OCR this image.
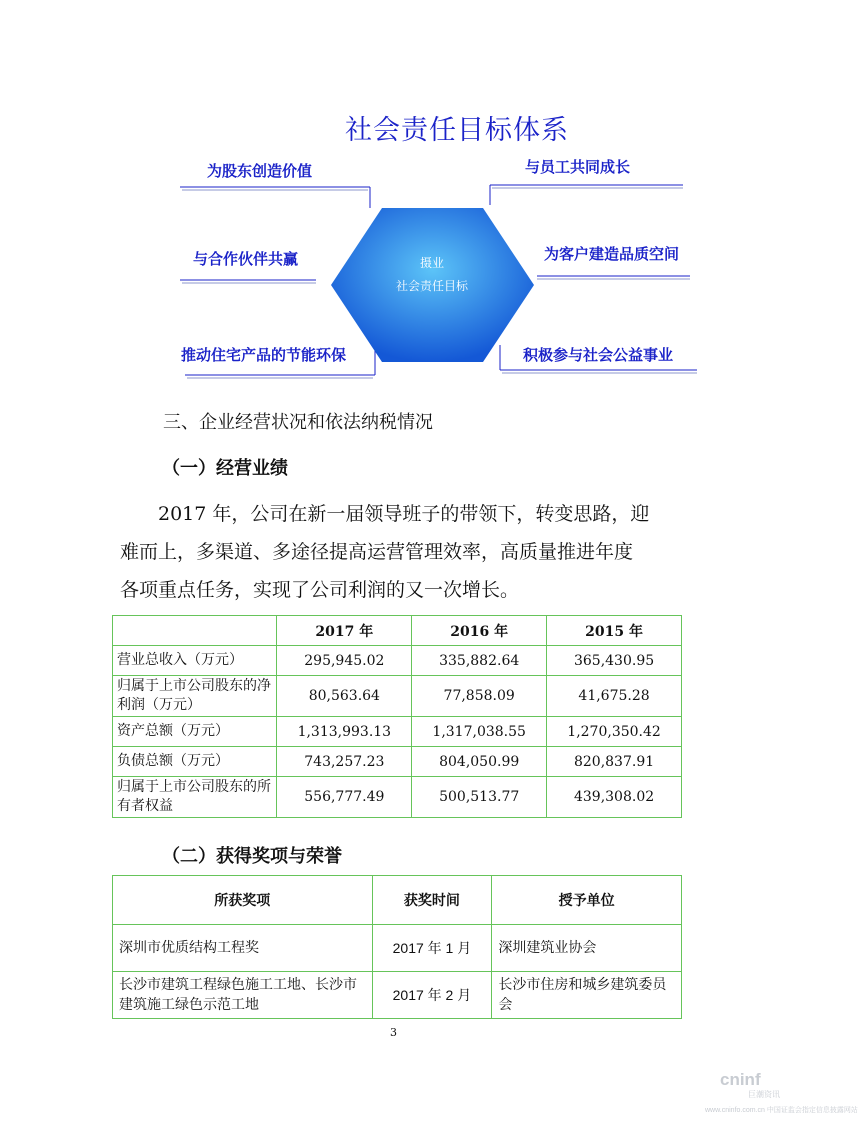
社会责任目标体系
摄业
社会责任目标
为股东创造价值	与员工共同成长
与合作伙伴共赢	为客户建造品质空间
推动住宅产品的节能环保	积极参与社会公益事业
三、企业经营状况和依法纳税情况
（一）经营业绩

2017 年，公司在新一届领导班子的带领下，转变思路，迎

难而上，多渠道、多途径提高运营管理效率，高质量推进年度

各项重点任务，实现了公司利润的又一次增长。

	2017 年	2016 年	2015 年
营业总收入（万元）	295,945.02	335,882.64	365,430.95
归属于上市公司股东的净利润（万元）	80,563.64	77,858.09	41,675.28
资产总额（万元）	1,313,993.13	1,317,038.55	1,270,350.42
负债总额（万元）	743,257.23	804,050.99	820,837.91
归属于上市公司股东的所有者权益	556,777.49	500,513.77	439,308.02
（二）获得奖项与荣誉
所获奖项	获奖时间	授予单位
深圳市优质结构工程奖	2017 年 1 月	深圳建筑业协会
长沙市建筑工程绿色施工工地、长沙市建筑施工绿色示范工地	2017 年 2 月	长沙市住房和城乡建筑委员会
3
cninf
巨潮资讯
www.cninfo.com.cn 中国证监会指定信息披露网站
